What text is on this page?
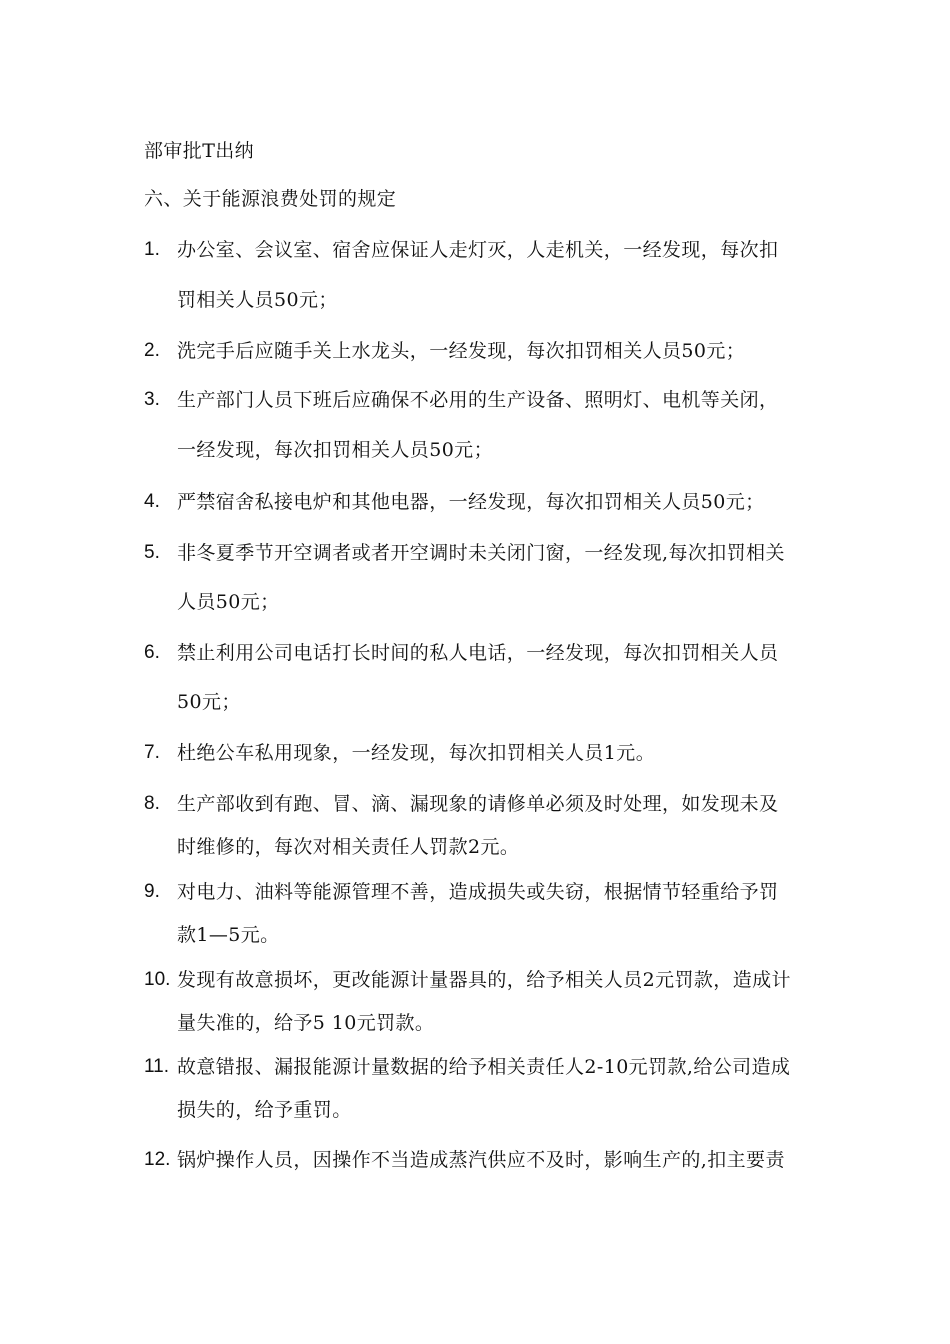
部审批T出纳
六、关于能源浪费处罚的规定
1. 办公室、会议室、宿舍应保证人走灯灭，人走机关，一经发现，每次扣
罚相关人员50元；
2. 洗完手后应随手关上水龙头，一经发现，每次扣罚相关人员50元；
3. 生产部门人员下班后应确保不必用的生产设备、照明灯、电机等关闭，
一经发现，每次扣罚相关人员50元；
4. 严禁宿舍私接电炉和其他电器，一经发现，每次扣罚相关人员50元；
5. 非冬夏季节开空调者或者开空调时未关闭门窗，一经发现,每次扣罚相关
人员50元；
6. 禁止利用公司电话打长时间的私人电话，一经发现，每次扣罚相关人员
50元；
7. 杜绝公车私用现象，一经发现，每次扣罚相关人员1元。
8. 生产部收到有跑、冒、滴、漏现象的请修单必须及时处理，如发现未及
时维修的，每次对相关责任人罚款2元。
9. 对电力、油料等能源管理不善，造成损失或失窃，根据情节轻重给予罚
款1—5元。
10. 发现有故意损坏，更改能源计量器具的，给予相关人员2元罚款，造成计
量失准的，给予5 10元罚款。
11. 故意错报、漏报能源计量数据的给予相关责任人2-10元罚款,给公司造成
损失的，给予重罚。
12. 锅炉操作人员，因操作不当造成蒸汽供应不及时，影响生产的,扣主要责
